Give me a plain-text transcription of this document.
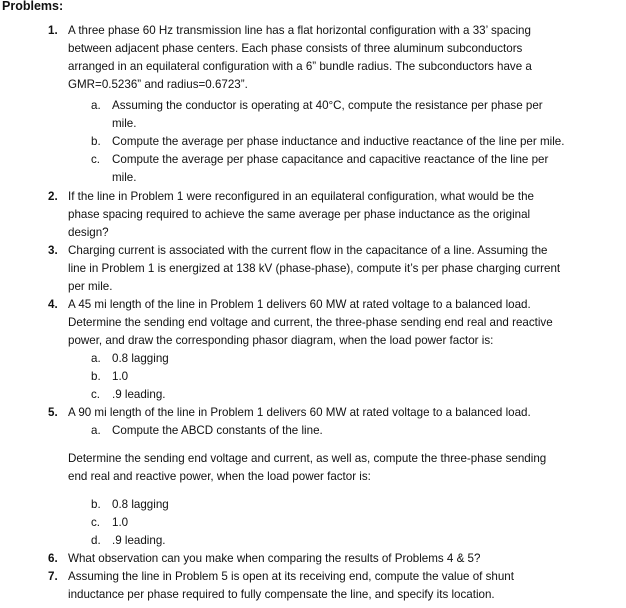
Problems:
1. A three phase 60 Hz transmission line has a flat horizontal configuration with a 33’ spacing
between adjacent phase centers. Each phase consists of three aluminum subconductors
arranged in an equilateral configuration with a 6” bundle radius. The subconductors have a
GMR=0.5236” and radius=0.6723”.
a. Assuming the conductor is operating at 40°C, compute the resistance per phase per
mile.
b. Compute the average per phase inductance and inductive reactance of the line per mile.
c. Compute the average per phase capacitance and capacitive reactance of the line per
mile.
2. If the line in Problem 1 were reconfigured in an equilateral configuration, what would be the
phase spacing required to achieve the same average per phase inductance as the original
design?
3. Charging current is associated with the current flow in the capacitance of a line. Assuming the
line in Problem 1 is energized at 138 kV (phase-phase), compute it’s per phase charging current
per mile.
4. A 45 mi length of the line in Problem 1 delivers 60 MW at rated voltage to a balanced load.
Determine the sending end voltage and current, the three-phase sending end real and reactive
power, and draw the corresponding phasor diagram, when the load power factor is:
a. 0.8 lagging
b. 1.0
c. .9 leading.
5. A 90 mi length of the line in Problem 1 delivers 60 MW at rated voltage to a balanced load.
a. Compute the ABCD constants of the line.
Determine the sending end voltage and current, as well as, compute the three-phase sending
end real and reactive power, when the load power factor is:
b. 0.8 lagging
c. 1.0
d. .9 leading.
6. What observation can you make when comparing the results of Problems 4 & 5?
7. Assuming the line in Problem 5 is open at its receiving end, compute the value of shunt
inductance per phase required to fully compensate the line, and specify its location.
